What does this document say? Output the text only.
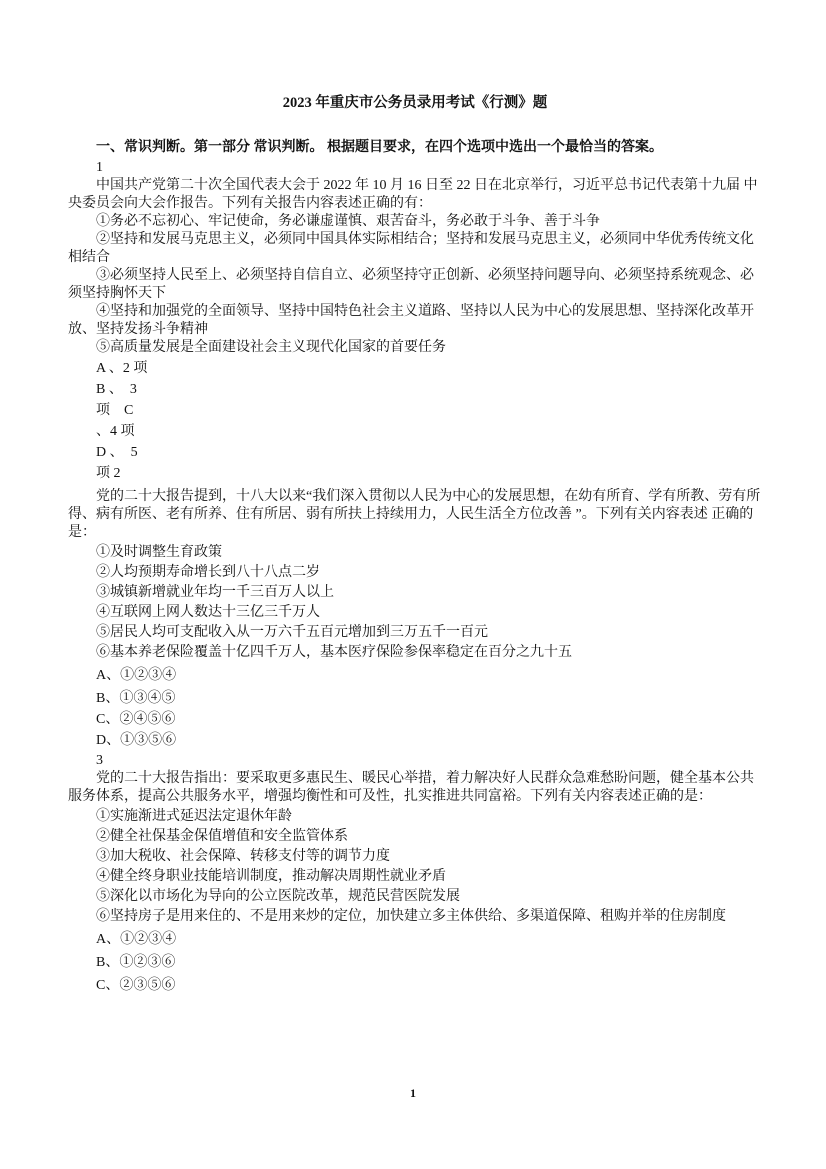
2023 年重庆市公务员录用考试《行测》题

一、常识判断。第一部分 常识判断。 根据题目要求，在四个选项中选出一个最恰当的答案。

1

中国共产党第二十次全国代表大会于 2022 年 10 月 16 日至 22 日在北京举行，习近平总书记代表第十九届 中央委员会向大会作报告。下列有关报告内容表述正确的有：

①务必不忘初心、牢记使命，务必谦虚谨慎、艰苦奋斗，务必敢于斗争、善于斗争

②坚持和发展马克思主义，必须同中国具体实际相结合；坚持和发展马克思主义，必须同中华优秀传统文化相结合

③必须坚持人民至上、必须坚持自信自立、必须坚持守正创新、必须坚持问题导向、必须坚持系统观念、必须坚持胸怀天下

④坚持和加强党的全面领导、坚持中国特色社会主义道路、坚持以人民为中心的发展思想、坚持深化改革开放、坚持发扬斗争精神

⑤高质量发展是全面建设社会主义现代化国家的首要任务

A 、2 项

B 、  3

项    C

、4 项

D 、  5

项 2

党的二十大报告提到，十八大以来“我们深入贯彻以人民为中心的发展思想，在幼有所育、学有所教、劳有所得、病有所医、老有所养、住有所居、弱有所扶上持续用力，人民生活全方位改善 ”。下列有关内容表述 正确的是：

①及时调整生育政策

②人均预期寿命增长到八十八点二岁

③城镇新增就业年均一千三百万人以上

④互联网上网人数达十三亿三千万人

⑤居民人均可支配收入从一万六千五百元增加到三万五千一百元

⑥基本养老保险覆盖十亿四千万人，基本医疗保险参保率稳定在百分之九十五

A、①②③④

B、①③④⑤

C、②④⑤⑥

D、①③⑤⑥

3

党的二十大报告指出：要采取更多惠民生、暖民心举措，着力解决好人民群众急难愁盼问题，健全基本公共服务体系，提高公共服务水平，增强均衡性和可及性，扎实推进共同富裕。下列有关内容表述正确的是：

①实施渐进式延迟法定退休年龄

②健全社保基金保值增值和安全监管体系

③加大税收、社会保障、转移支付等的调节力度

④健全终身职业技能培训制度，推动解决周期性就业矛盾

⑤深化以市场化为导向的公立医院改革，规范民营医院发展

⑥坚持房子是用来住的、不是用来炒的定位，加快建立多主体供给、多渠道保障、租购并举的住房制度

A、①②③④

B、①②③⑥

C、②③⑤⑥

1
